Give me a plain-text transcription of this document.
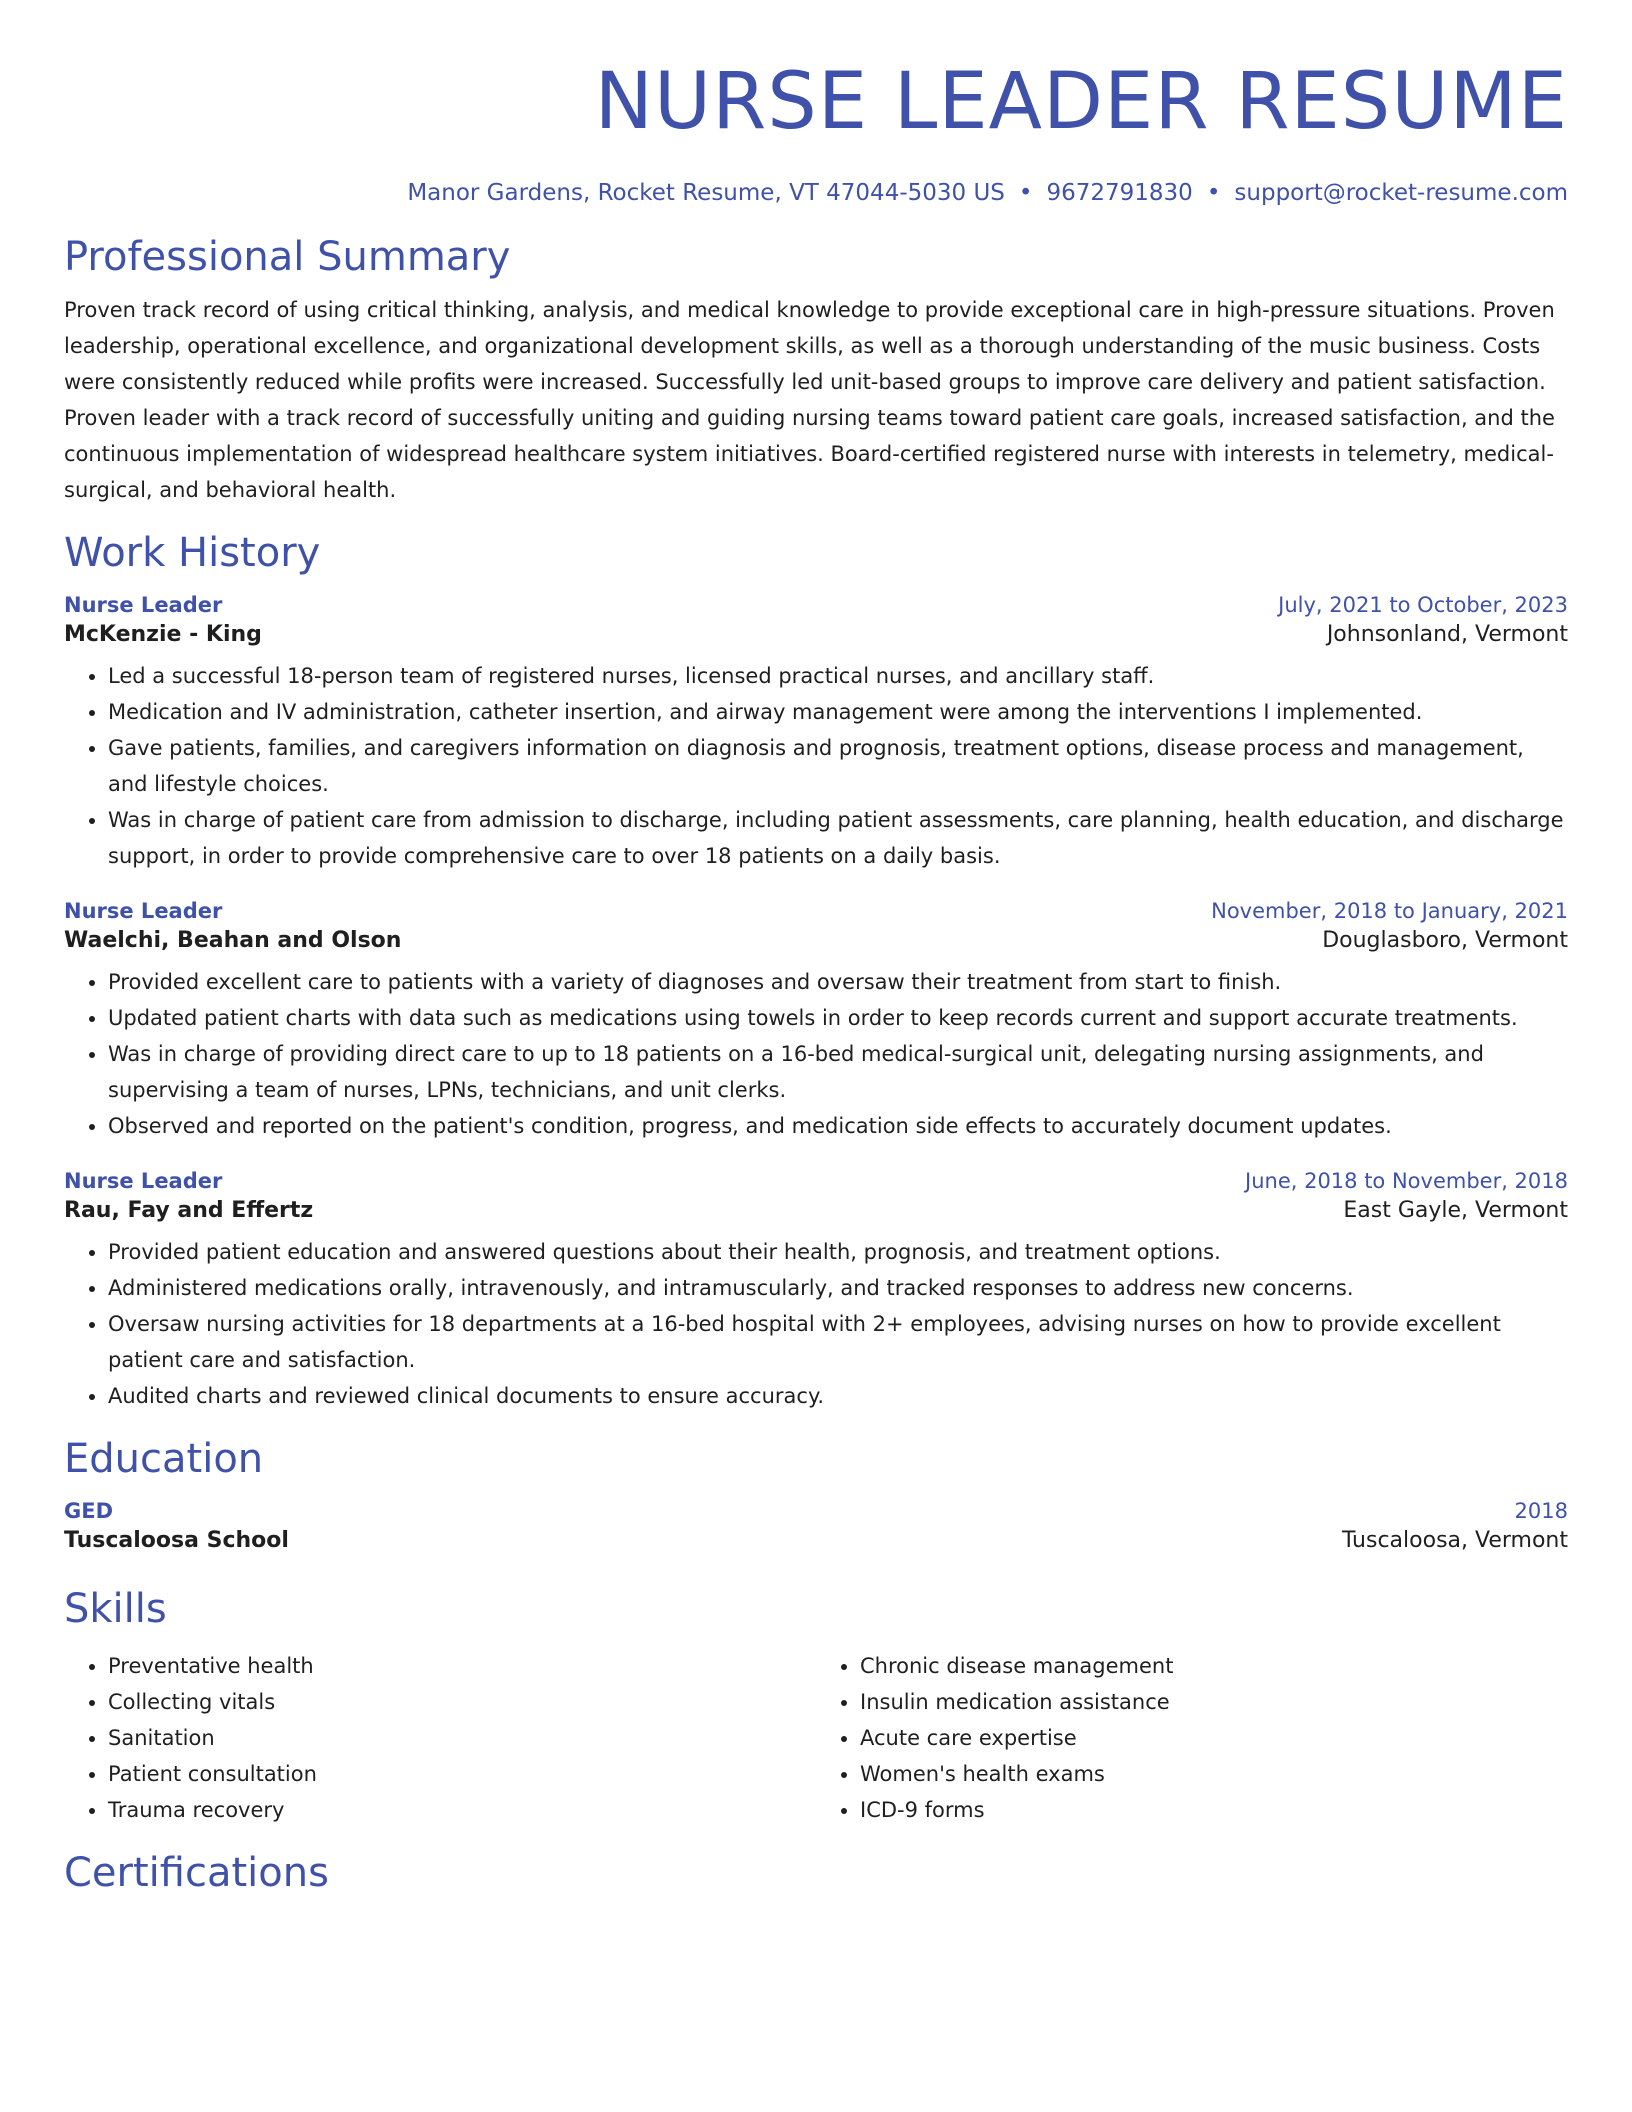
NURSE LEADER RESUME
Manor Gardens, Rocket Resume, VT 47044-5030 US • 9672791830 • support@rocket-resume.com
Professional Summary

Proven track record of using critical thinking, analysis, and medical knowledge to provide exceptional care in high-pressure situations. Proven leadership, operational excellence, and organizational development skills, as well as a thorough understanding of the music business. Costs were consistently reduced while profits were increased. Successfully led unit-based groups to improve care delivery and patient satisfaction. Proven leader with a track record of successfully uniting and guiding nursing teams toward patient care goals, increased satisfaction, and the continuous implementation of widespread healthcare system initiatives. Board-certified registered nurse with interests in telemetry, medical-surgical, and behavioral health.

Work History
Nurse Leader	July, 2021 to October, 2023
McKenzie - King	Johnsonland, Vermont
• Led a successful 18-person team of registered nurses, licensed practical nurses, and ancillary staff.
• Medication and IV administration, catheter insertion, and airway management were among the interventions I implemented.
• Gave patients, families, and caregivers information on diagnosis and prognosis, treatment options, disease process and management, and lifestyle choices.
• Was in charge of patient care from admission to discharge, including patient assessments, care planning, health education, and discharge support, in order to provide comprehensive care to over 18 patients on a daily basis.
Nurse Leader	November, 2018 to January, 2021
Waelchi, Beahan and Olson	Douglasboro, Vermont
• Provided excellent care to patients with a variety of diagnoses and oversaw their treatment from start to finish.
• Updated patient charts with data such as medications using towels in order to keep records current and support accurate treatments.
• Was in charge of providing direct care to up to 18 patients on a 16-bed medical-surgical unit, delegating nursing assignments, and supervising a team of nurses, LPNs, technicians, and unit clerks.
• Observed and reported on the patient's condition, progress, and medication side effects to accurately document updates.
Nurse Leader	June, 2018 to November, 2018
Rau, Fay and Effertz	East Gayle, Vermont
• Provided patient education and answered questions about their health, prognosis, and treatment options.
• Administered medications orally, intravenously, and intramuscularly, and tracked responses to address new concerns.
• Oversaw nursing activities for 18 departments at a 16-bed hospital with 2+ employees, advising nurses on how to provide excellent patient care and satisfaction.
• Audited charts and reviewed clinical documents to ensure accuracy.
Education
GED	2018
Tuscaloosa School	Tuscaloosa, Vermont
Skills
• Preventative health
• Collecting vitals
• Sanitation
• Patient consultation
• Trauma recovery
• Chronic disease management
• Insulin medication assistance
• Acute care expertise
• Women's health exams
• ICD-9 forms
Certifications
